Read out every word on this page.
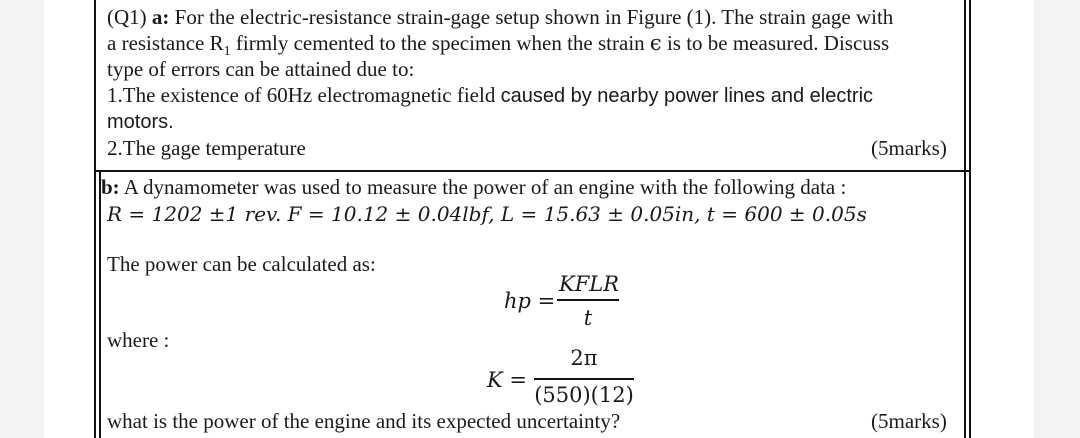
(Q1) a: For the electric-resistance strain-gage setup shown in Figure (1). The strain gage with
a resistance $R_1$ firmly cemented to the specimen when the strain ϵ is to be measured. Discuss
type of errors can be attained due to:
1.The existence of 60Hz electromagnetic field caused by nearby power lines and electric
motors.
2.The gage temperature	(5marks)
b: A dynamometer was used to measure the power of an engine with the following data :
R = 1202 ±1 rev. F = 10.12 ± 0.04lbf, L = 15.63 ± 0.05in, t = 600 ± 0.05s
The power can be calculated as:
hp =
KFLR
t
where :
K =
2π
(550)(12)
what is the power of the engine and its expected uncertainty?	(5marks)
